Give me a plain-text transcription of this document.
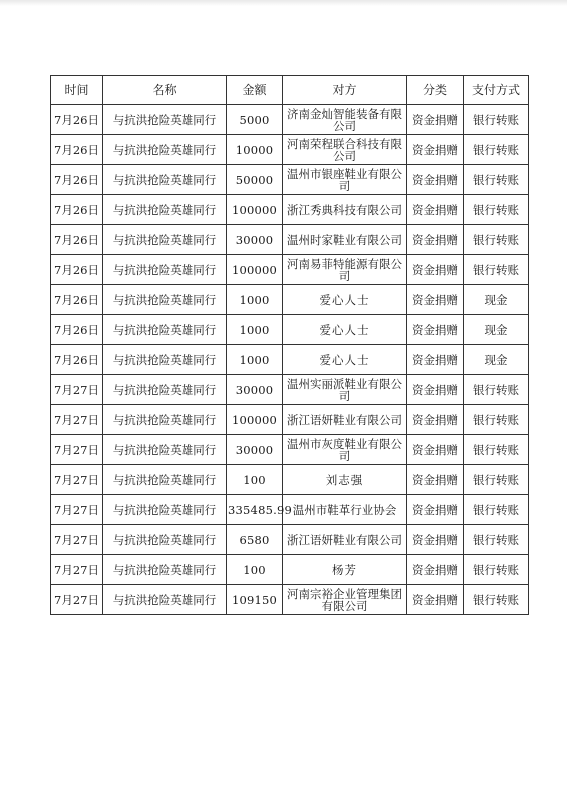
时间	名称	金额	对方	分类	支付方式
7月26日	与抗洪抢险英雄同行	5000	济南金灿智能装备有限公司	资金捐赠	银行转账
7月26日	与抗洪抢险英雄同行	10000	河南荣程联合科技有限公司	资金捐赠	银行转账
7月26日	与抗洪抢险英雄同行	50000	温州市银座鞋业有限公司	资金捐赠	银行转账
7月26日	与抗洪抢险英雄同行	100000	浙江秀典科技有限公司	资金捐赠	银行转账
7月26日	与抗洪抢险英雄同行	30000	温州时家鞋业有限公司	资金捐赠	银行转账
7月26日	与抗洪抢险英雄同行	100000	河南易菲特能源有限公司	资金捐赠	银行转账
7月26日	与抗洪抢险英雄同行	1000	爱心人士	资金捐赠	现金
7月26日	与抗洪抢险英雄同行	1000	爱心人士	资金捐赠	现金
7月26日	与抗洪抢险英雄同行	1000	爱心人士	资金捐赠	现金
7月27日	与抗洪抢险英雄同行	30000	温州实丽派鞋业有限公司	资金捐赠	银行转账
7月27日	与抗洪抢险英雄同行	100000	浙江语妍鞋业有限公司	资金捐赠	银行转账
7月27日	与抗洪抢险英雄同行	30000	温州市灰度鞋业有限公司	资金捐赠	银行转账
7月27日	与抗洪抢险英雄同行	100	刘志强	资金捐赠	银行转账
7月27日	与抗洪抢险英雄同行	335485.99	温州市鞋革行业协会	资金捐赠	银行转账
7月27日	与抗洪抢险英雄同行	6580	浙江语妍鞋业有限公司	资金捐赠	银行转账
7月27日	与抗洪抢险英雄同行	100	杨芳	资金捐赠	银行转账
7月27日	与抗洪抢险英雄同行	109150	河南宗裕企业管理集团有限公司	资金捐赠	银行转账
